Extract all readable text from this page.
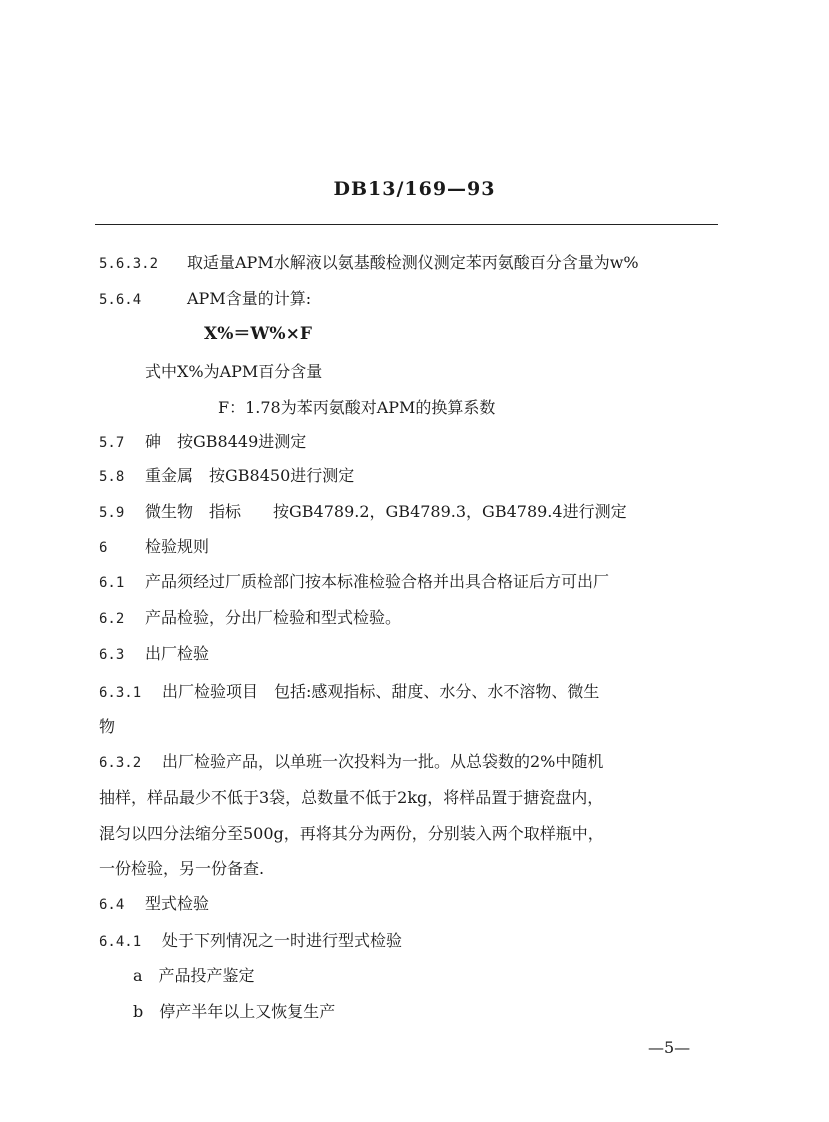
DB13/169—93
5.6.3.2 取适量APM水解液以氨基酸检测仪测定苯丙氨酸百分含量为w%
5.6.4	APM含量的计算:
X%＝W%×F
式中X%为APM百分含量
F：1.78为苯丙氨酸对APM的换算系数
5.7 砷　按GB8449进测定
5.8 重金属　按GB8450进行测定
5.9 微生物　指标　　按GB4789.2，GB4789.3，GB4789.4进行测定
6 检验规则
6.1 产品须经过厂质检部门按本标准检验合格并出具合格证后方可出厂
6.2 产品检验，分出厂检验和型式检验。
6.3 出厂检验
6.3.1 出厂检验项目　包括:感观指标、甜度、水分、水不溶物、微生
物
6.3.2 出厂检验产品，以单班一次投料为一批。从总袋数的2%中随机
抽样，样品最少不低于3袋，总数量不低于2kg，将样品置于搪瓷盘内，
混匀以四分法缩分至500g，再将其分为两份，分别装入两个取样瓶中，
一份检验，另一份备查.
6.4 型式检验
6.4.1 处于下列情况之一时进行型式检验
a　产品投产鉴定
b　停产半年以上又恢复生产
—5—
